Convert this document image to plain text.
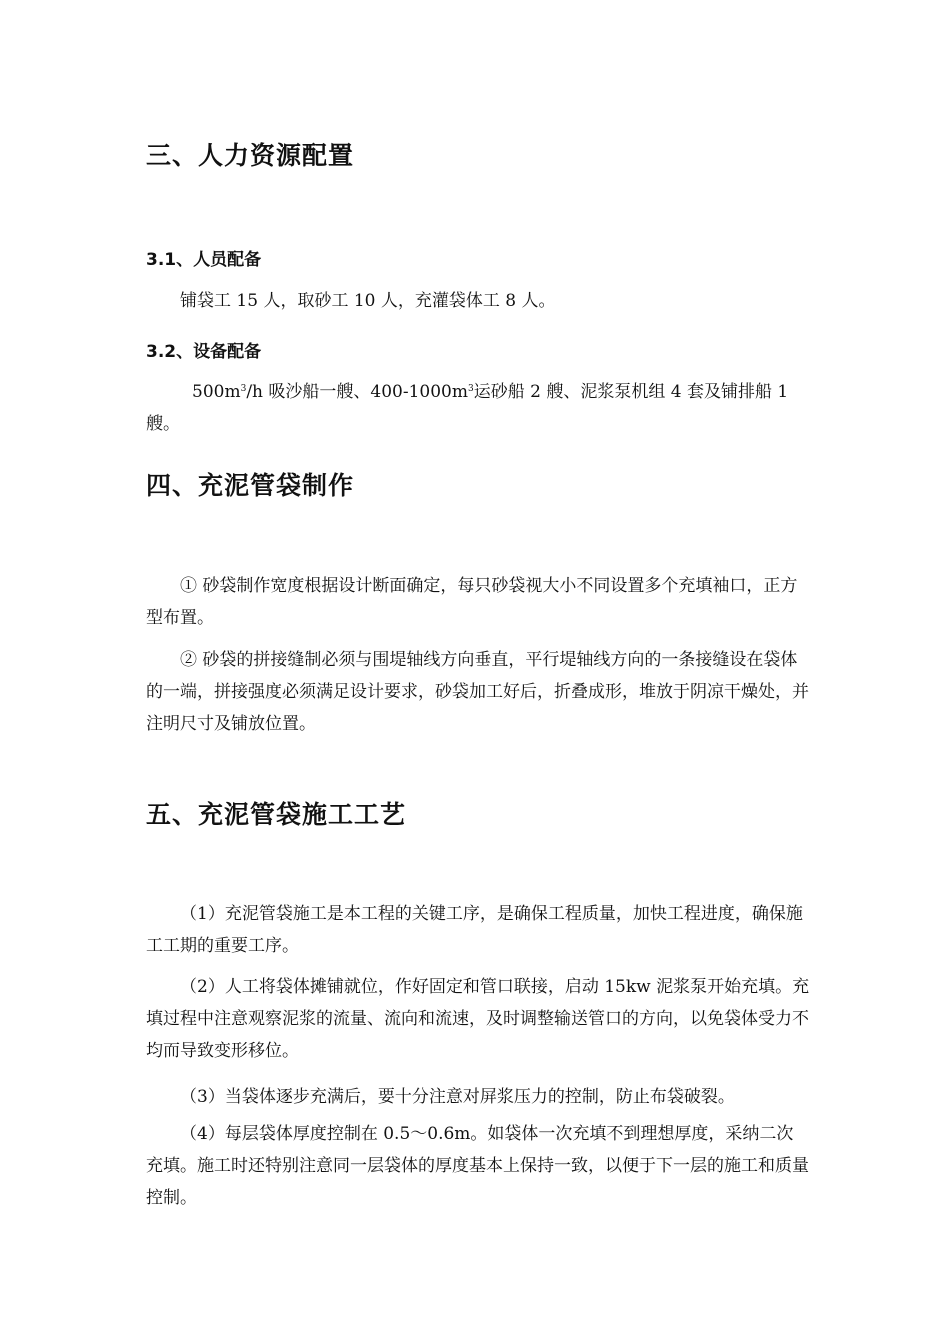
三、人力资源配置
3.1、人员配备

铺袋工 15 人，取砂工 10 人，充灌袋体工 8 人。

3.2、设备配备

$500m^3/h$ 吸沙船一艘、$400-1000m^3$运砂船 2 艘、泥浆泵机组 4 套及铺排船 1 艘。

四、充泥管袋制作

① 砂袋制作宽度根据设计断面确定，每只砂袋视大小不同设置多个充填袖口，正方型布置。

② 砂袋的拼接缝制必须与围堤轴线方向垂直，平行堤轴线方向的一条接缝设在袋体的一端，拼接强度必须满足设计要求，砂袋加工好后，折叠成形，堆放于阴凉干燥处，并注明尺寸及铺放位置。

五、充泥管袋施工工艺

（1）充泥管袋施工是本工程的关键工序，是确保工程质量，加快工程进度，确保施工工期的重要工序。

（2）人工将袋体摊铺就位，作好固定和管口联接，启动 15kw 泥浆泵开始充填。充填过程中注意观察泥浆的流量、流向和流速，及时调整输送管口的方向，以免袋体受力不均而导致变形移位。

（3）当袋体逐步充满后，要十分注意对屏浆压力的控制，防止布袋破裂。

（4）每层袋体厚度控制在 0.5～0.6m。如袋体一次充填不到理想厚度，采纳二次充填。施工时还特别注意同一层袋体的厚度基本上保持一致，以便于下一层的施工和质量控制。
